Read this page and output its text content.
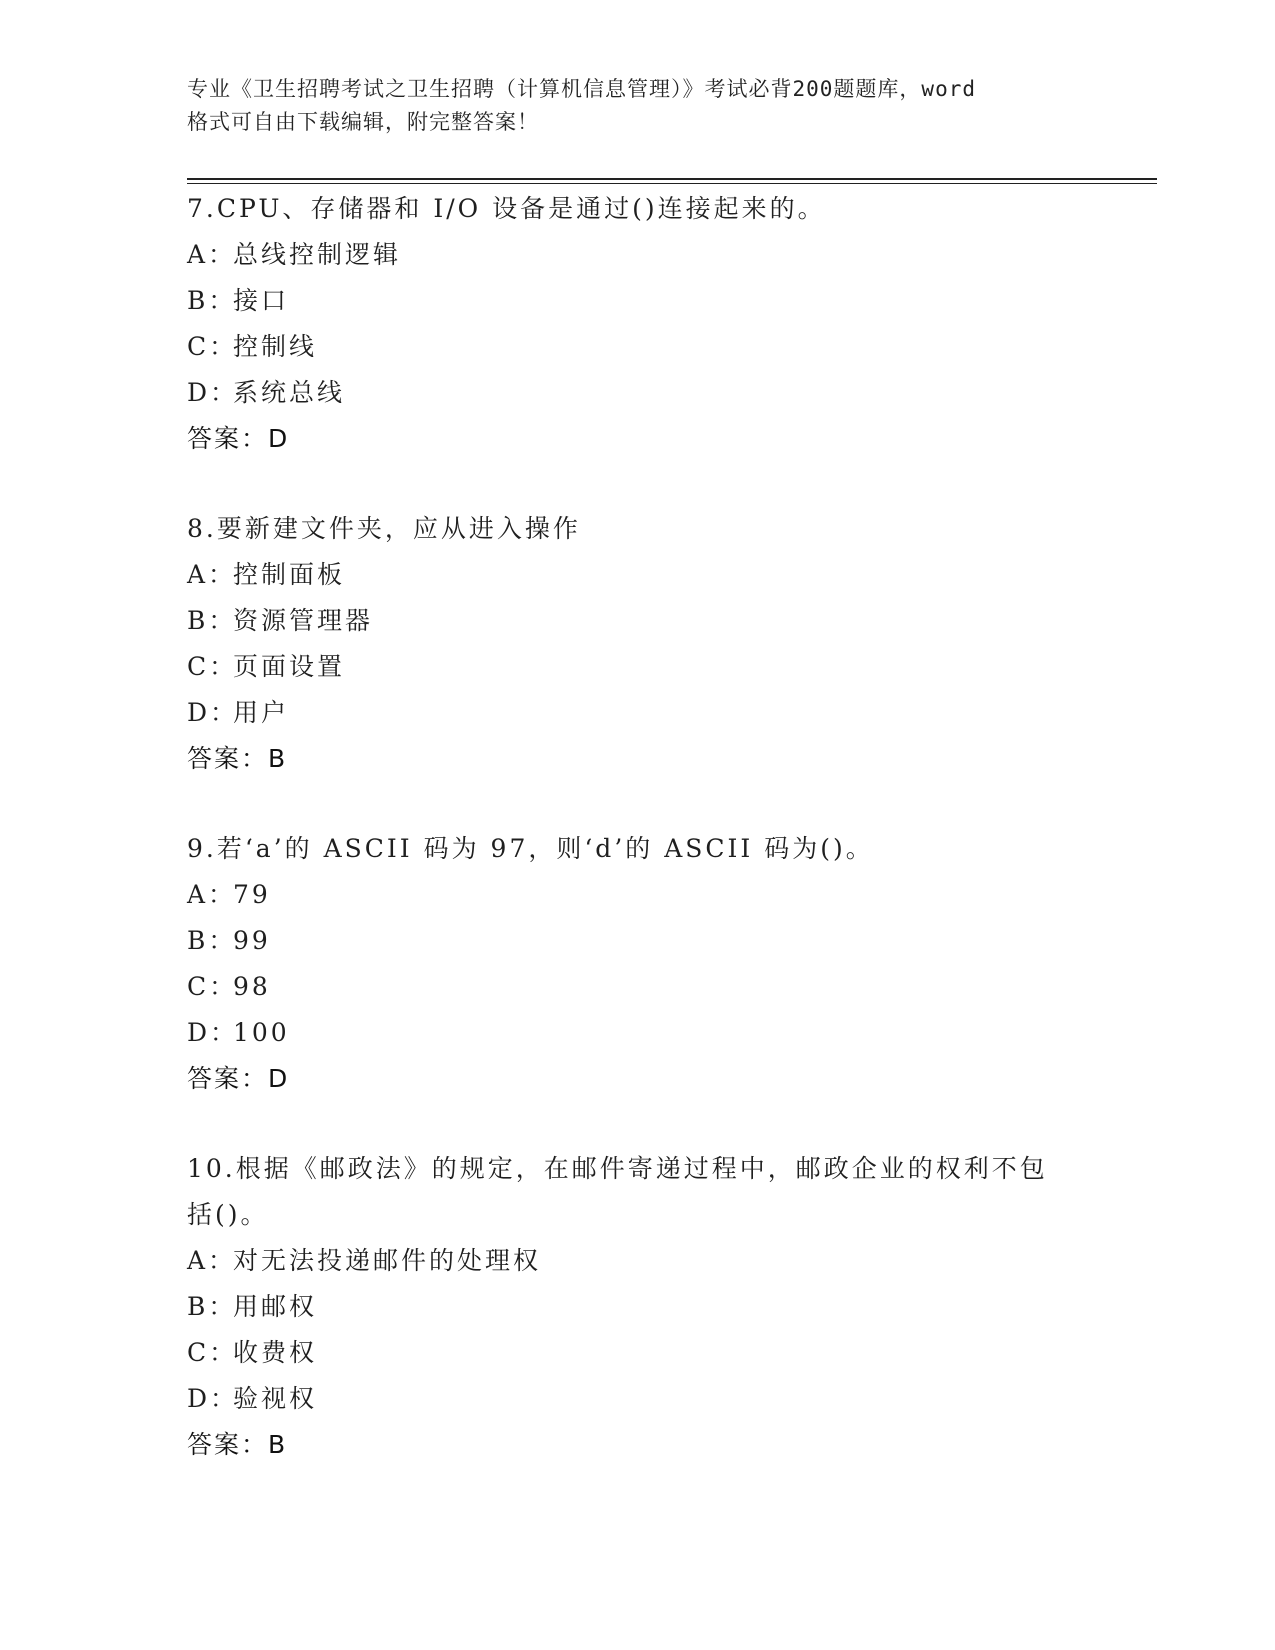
专业《卫生招聘考试之卫生招聘（计算机信息管理）》考试必背200题题库，word
格式可自由下载编辑，附完整答案！
7.CPU、存储器和 I/O 设备是通过()连接起来的。
A：
总线控制逻辑
B：
接口
C：
控制线
D：
系统总线
答案：D
8.要新建文件夹，应从进入操作
A：
控制面板
B：
资源管理器
C：
页面设置
D：
用户
答案：B
9.若‘a’的 ASCII 码为 97，则‘d’的 ASCII 码为()。
A：
79
B：
99
C：
98
D：
100
答案：D
10.根据《邮政法》的规定，在邮件寄递过程中，邮政企业的权利不包括()。
A：
对无法投递邮件的处理权
B：
用邮权
C：
收费权
D：
验视权
答案：B
